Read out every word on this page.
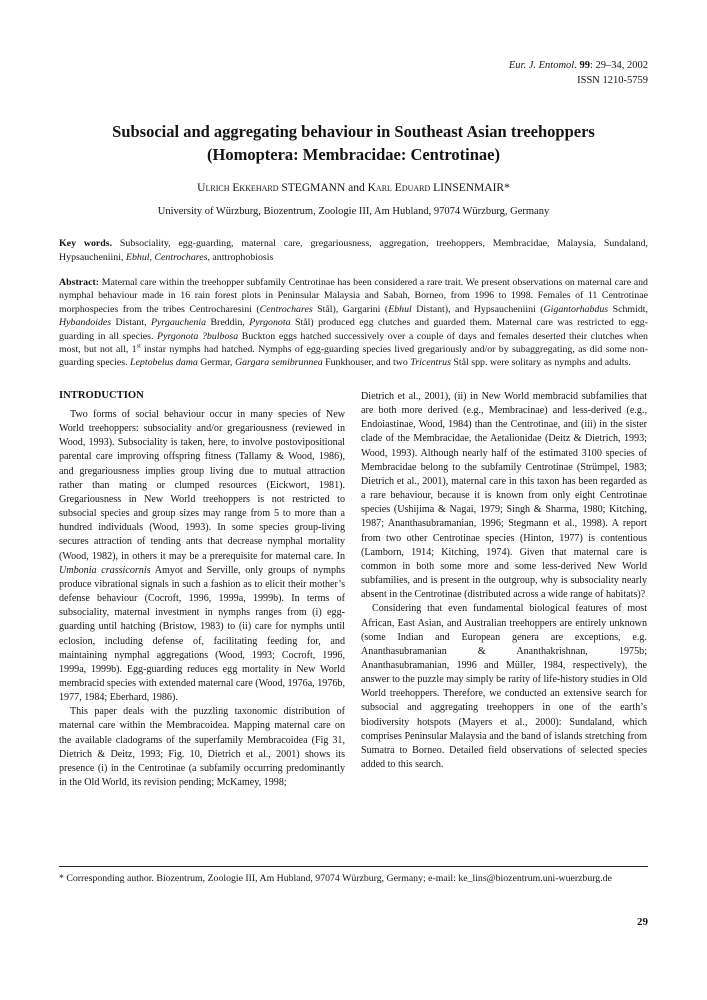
Eur. J. Entomol. 99: 29–34, 2002
ISSN 1210-5759
Subsocial and aggregating behaviour in Southeast Asian treehoppers
(Homoptera: Membracidae: Centrotinae)
Ulrich Ekkehard STEGMANN and Karl Eduard LINSENMAIR*
University of Würzburg, Biozentrum, Zoologie III, Am Hubland, 97074 Würzburg, Germany

Key words. Subsociality, egg-guarding, maternal care, gregariousness, aggregation, treehoppers, Membracidae, Malaysia, Sundaland, Hypsaucheniini, Ebhul, Centrochares, anttrophobiosis

Abstract: Maternal care within the treehopper subfamily Centrotinae has been considered a rare trait. We present observations on maternal care and nymphal behaviour made in 16 rain forest plots in Peninsular Malaysia and Sabah, Borneo, from 1996 to 1998. Females of 11 Centrotinae morphospecies from the tribes Centrocharesini (Centrochares Stål), Gargarini (Ebhul Distant), and Hypsaucheniini (Gigantorhabdus Schmidt, Hybandoides Distant, Pyrgauchenia Breddin, Pyrgonota Stål) produced egg clutches and guarded them. Maternal care was restricted to egg-guarding in all species. Pyrgonota ?bulbosa Buckton eggs hatched successively over a couple of days and females deserted their clutches when most, but not all, 1st instar nymphs had hatched. Nymphs of egg-guarding species lived gregariously and/or by subaggregating, as did some non-guarding species. Leptobelus dama Germar, Gargara semibrunnea Funkhouser, and two Tricentrus Stål spp. were solitary as nymphs and adults.

INTRODUCTION

Two forms of social behaviour occur in many species of New World treehoppers: subsociality and/or gregariousness (reviewed in Wood, 1993). Subsociality is taken, here, to involve postovipositional parental care improving offspring fitness (Tallamy & Wood, 1986), and gregariousness implies group living due to mutual attraction rather than mating or clumped resources (Eickwort, 1981). Gregariousness in New World treehoppers is not restricted to subsocial species and group sizes may range from 5 to more than a hundred individuals (Wood, 1993). In some species group-living secures attraction of tending ants that decrease nymphal mortality (Wood, 1982), in others it may be a prerequisite for maternal care. In Umbonia crassicornis Amyot and Serville, only groups of nymphs produce vibrational signals in such a fashion as to elicit their mother’s defense behaviour (Cocroft, 1996, 1999a, 1999b). In terms of subsociality, maternal investment in nymphs ranges from (i) egg-guarding until hatching (Bristow, 1983) to (ii) care for nymphs until eclosion, including defense of, facilitating feeding for, and maintaining nymphal aggregations (Wood, 1993; Cocroft, 1996, 1999a, 1999b). Egg-guarding reduces egg mortality in New World membracid species with extended maternal care (Wood, 1976a, 1976b, 1977, 1984; Eberhard, 1986).

This paper deals with the puzzling taxonomic distribution of maternal care within the Membracoidea. Mapping maternal care on the available cladograms of the superfamily Membracoidea (Fig 31, Dietrich & Deitz, 1993; Fig. 10, Dietrich et al., 2001) shows its presence (i) in the Centrotinae (a subfamily occurring predominantly in the Old World, its revision pending; McKamey, 1998;

Dietrich et al., 2001), (ii) in New World membracid subfamilies that are both more derived (e.g., Membracinae) and less-derived (e.g., Endoiastinae, Wood, 1984) than the Centrotinae, and (iii) in the sister clade of the Membracidae, the Aetalionidae (Deitz & Dietrich, 1993; Wood, 1993). Although nearly half of the estimated 3100 species of Membracidae belong to the subfamily Centrotinae (Strümpel, 1983; Dietrich et al., 2001), maternal care in this taxon has been regarded as a rare behaviour, because it is known from only eight Centrotinae species (Ushijima & Nagai, 1979; Singh & Sharma, 1980; Kitching, 1987; Ananthasubramanian, 1996; Stegmann et al., 1998). A report from two other Centrotinae species (Hinton, 1977) is contentious (Lamborn, 1914; Kitching, 1974). Given that maternal care is common in both some more and some less-derived New World subfamilies, and is present in the outgroup, why is subsociality nearly absent in the Centrotinae (distributed across a wide range of habitats)?

Considering that even fundamental biological features of most African, East Asian, and Australian treehoppers are entirely unknown (some Indian and European genera are exceptions, e.g. Ananthasubramanian & Ananthakrishnan, 1975b; Ananthasubramanian, 1996 and Müller, 1984, respectively), the answer to the puzzle may simply be rarity of life-history studies in Old World treehoppers. Therefore, we conducted an extensive search for subsocial and aggregating treehoppers in one of the earth’s biodiversity hotspots (Mayers et al., 2000): Sundaland, which comprises Peninsular Malaysia and the band of islands stretching from Sumatra to Borneo. Detailed field observations of selected species added to this search.

* Corresponding author. Biozentrum, Zoologie III, Am Hubland, 97074 Würzburg, Germany; e-mail: ke_lins@biozentrum.uni-wuerzburg.de

29
